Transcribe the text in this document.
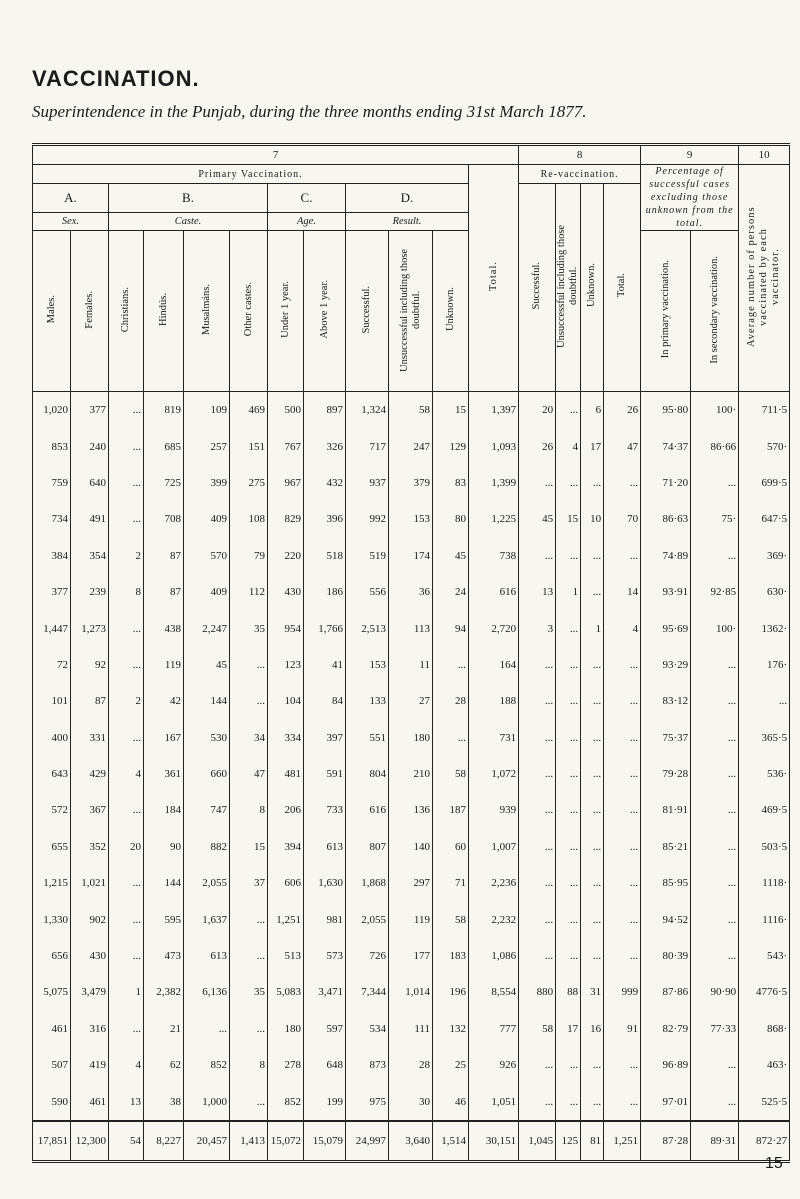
VACCINATION.
Superintendence in the Punjab, during the three months ending 31st March 1877.
7												8				9		10
Primary Vaccination.											Total.	Re-vaccination.				Percentage of successful cases excluding those unknown from the total.		Average number of persons vaccinated by each vaccinator.
A.		B.				C.		D.				Successful.	Unsuccessful including those doubtful.	Unknown.	Total.			
Sex.		Caste.				Age.		Result.										
Males.	Females.	Christians.	Hindús.	Musalmáns.	Other castes.	Under 1 year.	Above 1 year.	Successful.	Unsuccessful including those doubtful.	Unknown.						In primary vaccination.	In secondary vaccination.	
1,020	377	...	819	109	469	500	897	1,324	58	15	1,397	20	...	6	26	95·80	100·	711·5
853	240	...	685	257	151	767	326	717	247	129	1,093	26	4	17	47	74·37	86·66	570·
759	640	...	725	399	275	967	432	937	379	83	1,399	...	...	...	...	71·20	...	699·5
734	491	...	708	409	108	829	396	992	153	80	1,225	45	15	10	70	86·63	75·	647·5
384	354	2	87	570	79	220	518	519	174	45	738	...	...	...	...	74·89	...	369·
377	239	8	87	409	112	430	186	556	36	24	616	13	1	...	14	93·91	92·85	630·
1,447	1,273	...	438	2,247	35	954	1,766	2,513	113	94	2,720	3	...	1	4	95·69	100·	1362·
72	92	...	119	45	...	123	41	153	11	...	164	...	...	...	...	93·29	...	176·
101	87	2	42	144	...	104	84	133	27	28	188	...	...	...	...	83·12	...	...
400	331	...	167	530	34	334	397	551	180	...	731	...	...	...	...	75·37	...	365·5
643	429	4	361	660	47	481	591	804	210	58	1,072	...	...	...	...	79·28	...	536·
572	367	...	184	747	8	206	733	616	136	187	939	...	...	...	...	81·91	...	469·5
655	352	20	90	882	15	394	613	807	140	60	1,007	...	...	...	...	85·21	...	503·5
1,215	1,021	...	144	2,055	37	606	1,630	1,868	297	71	2,236	...	...	...	...	85·95	...	1118·
1,330	902	...	595	1,637	...	1,251	981	2,055	119	58	2,232	...	...	...	...	94·52	...	1116·
656	430	...	473	613	...	513	573	726	177	183	1,086	...	...	...	...	80·39	...	543·
5,075	3,479	1	2,382	6,136	35	5,083	3,471	7,344	1,014	196	8,554	880	88	31	999	87·86	90·90	4776·5
461	316	...	21	...	...	180	597	534	111	132	777	58	17	16	91	82·79	77·33	868·
507	419	4	62	852	8	278	648	873	28	25	926	...	...	...	...	96·89	...	463·
590	461	13	38	1,000	...	852	199	975	30	46	1,051	...	...	...	...	97·01	...	525·5
17,851	12,300	54	8,227	20,457	1,413	15,072	15,079	24,997	3,640	1,514	30,151	1,045	125	81	1,251	87·28	89·31	872·27
15
